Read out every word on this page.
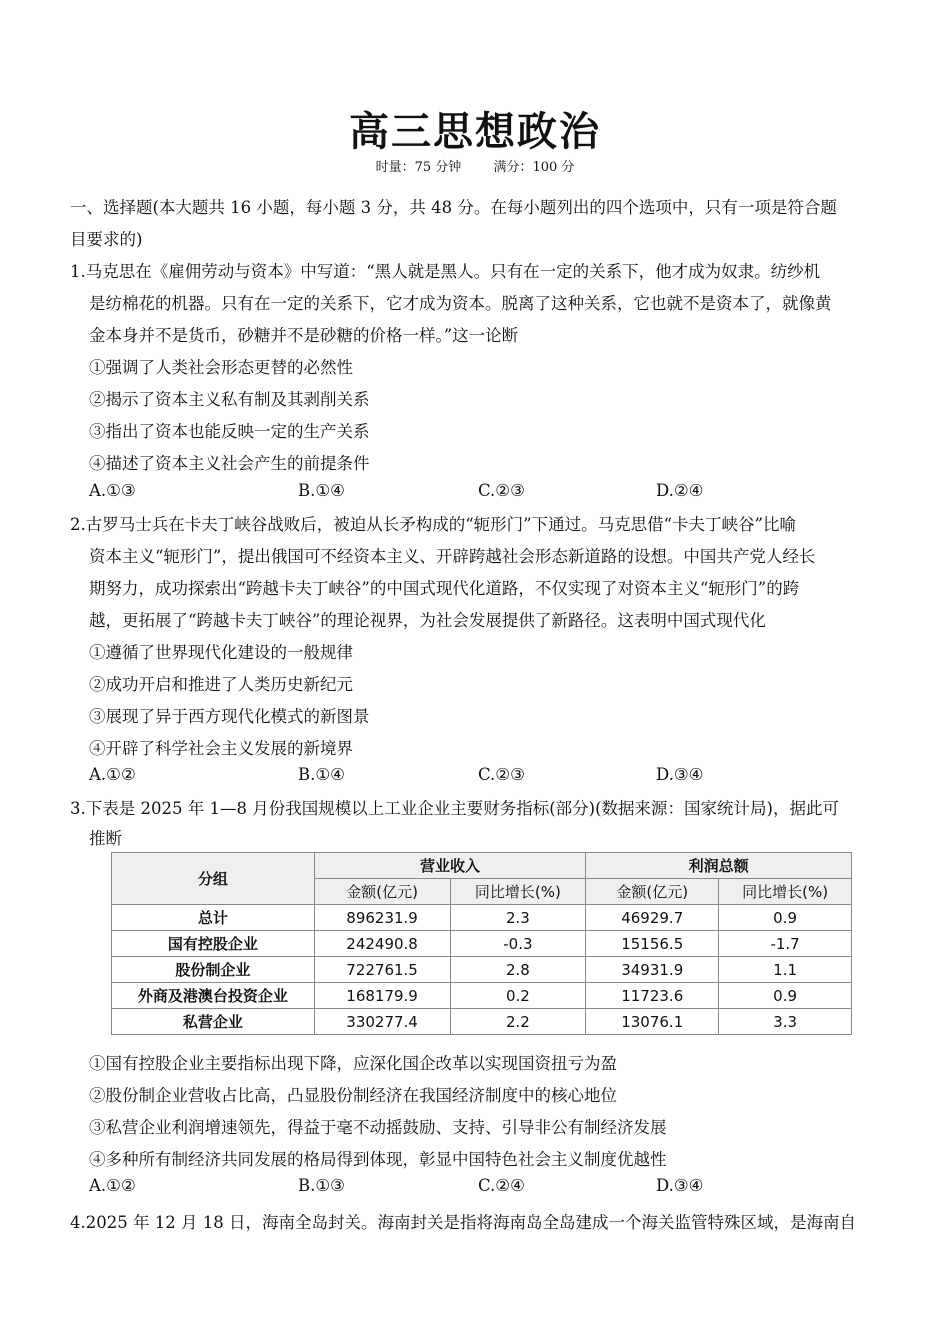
高三思想政治
时量：75 分钟 满分：100 分
一、选择题(本大题共 16 小题，每小题 3 分，共 48 分。在每小题列出的四个选项中，只有一项是符合题
目要求的)
1.马克思在《雇佣劳动与资本》中写道：“黑人就是黑人。只有在一定的关系下，他才成为奴隶。纺纱机
是纺棉花的机器。只有在一定的关系下，它才成为资本。脱离了这种关系，它也就不是资本了，就像黄
金本身并不是货币，砂糖并不是砂糖的价格一样。”这一论断
①强调了人类社会形态更替的必然性
②揭示了资本主义私有制及其剥削关系
③指出了资本也能反映一定的生产关系
④描述了资本主义社会产生的前提条件
A.①③	B.①④	C.②③	D.②④
2.古罗马士兵在卡夫丁峡谷战败后，被迫从长矛构成的“轭形门”下通过。马克思借“卡夫丁峡谷”比喻
资本主义“轭形门”，提出俄国可不经资本主义、开辟跨越社会形态新道路的设想。中国共产党人经长
期努力，成功探索出“跨越卡夫丁峡谷”的中国式现代化道路，不仅实现了对资本主义“轭形门”的跨
越，更拓展了“跨越卡夫丁峡谷”的理论视界，为社会发展提供了新路径。这表明中国式现代化
①遵循了世界现代化建设的一般规律
②成功开启和推进了人类历史新纪元
③展现了异于西方现代化模式的新图景
④开辟了科学社会主义发展的新境界
A.①②	B.①④	C.②③	D.③④
3.下表是 2025 年 1—8 月份我国规模以上工业企业主要财务指标(部分)(数据来源：国家统计局)，据此可
推断
分组	营业收入		利润总额	
	金额(亿元)	同比增长(%)	金额(亿元)	同比增长(%)
总计	896231.9	2.3	46929.7	0.9
国有控股企业	242490.8	-0.3	15156.5	-1.7
股份制企业	722761.5	2.8	34931.9	1.1
外商及港澳台投资企业	168179.9	0.2	11723.6	0.9
私营企业	330277.4	2.2	13076.1	3.3
①国有控股企业主要指标出现下降，应深化国企改革以实现国资扭亏为盈
②股份制企业营收占比高，凸显股份制经济在我国经济制度中的核心地位
③私营企业利润增速领先，得益于毫不动摇鼓励、支持、引导非公有制经济发展
④多种所有制经济共同发展的格局得到体现，彰显中国特色社会主义制度优越性
A.①②	B.①③	C.②④	D.③④
4.2025 年 12 月 18 日，海南全岛封关。海南封关是指将海南岛全岛建成一个海关监管特殊区域，是海南自
